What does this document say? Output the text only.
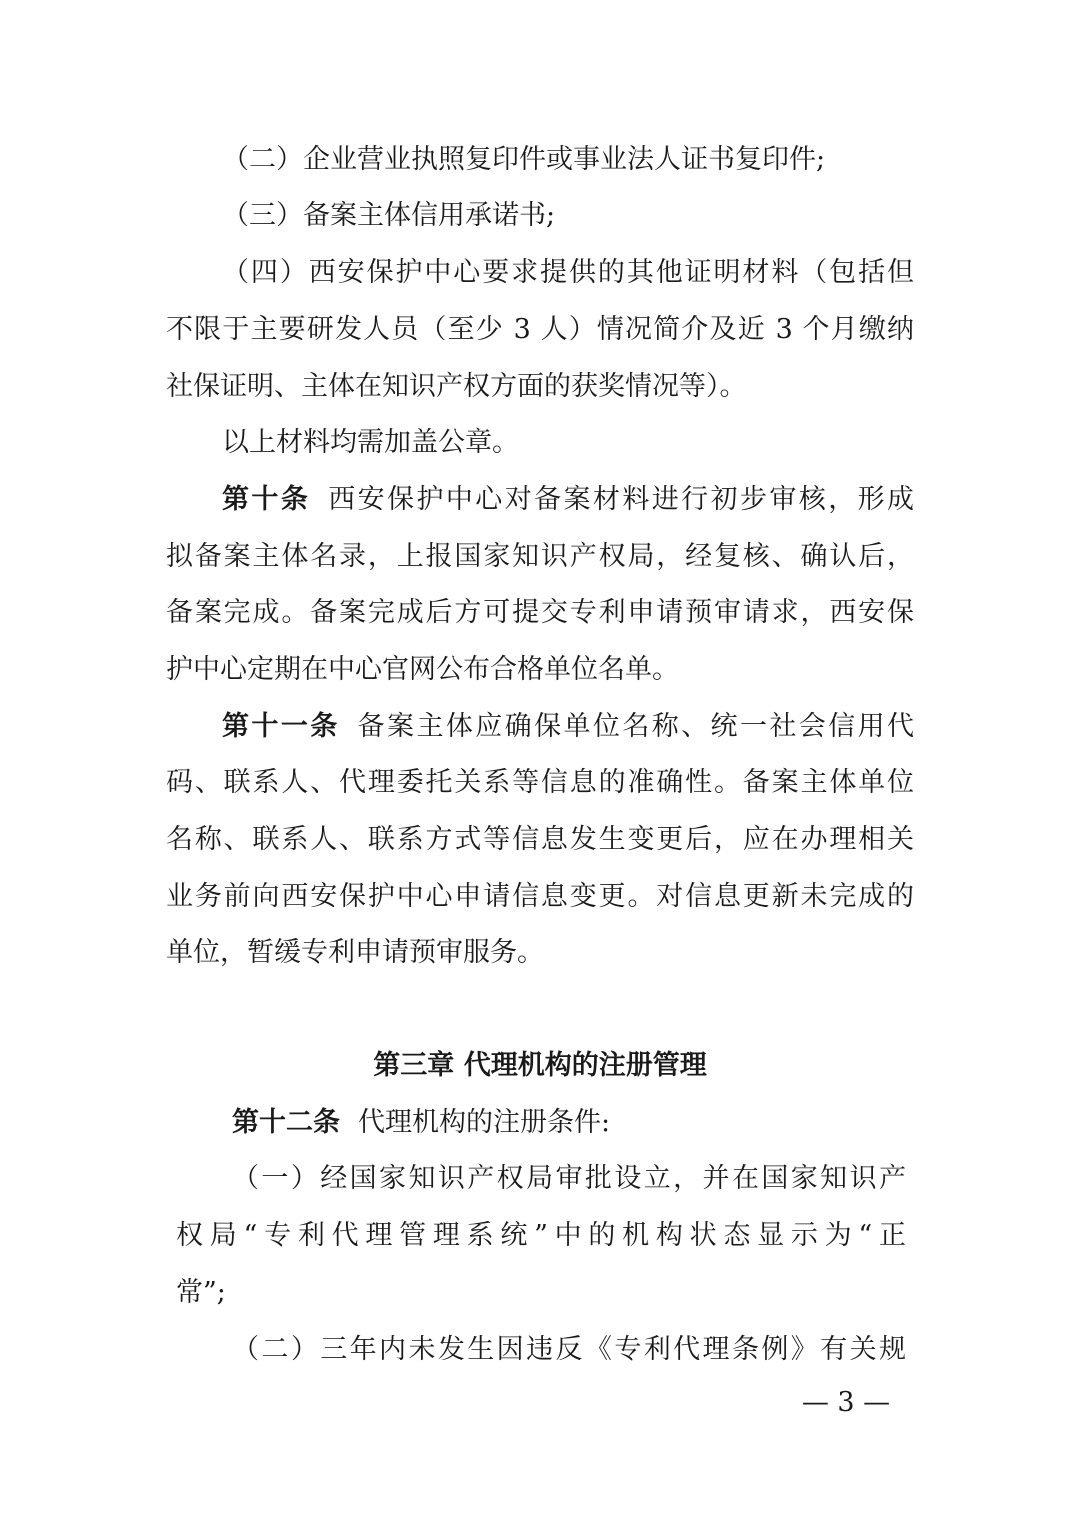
（二）企业营业执照复印件或事业法人证书复印件;
（三）备案主体信用承诺书;
（四）西安保护中心要求提供的其他证明材料（包括但
不限于主要研发人员（至少 3 人）情况简介及近 3 个月缴纳
社保证明、主体在知识产权方面的获奖情况等）。
以上材料均需加盖公章。
第十条 西安保护中心对备案材料进行初步审核，形成
拟备案主体名录，上报国家知识产权局，经复核、确认后，
备案完成。备案完成后方可提交专利申请预审请求，西安保
护中心定期在中心官网公布合格单位名单。
第十一条 备案主体应确保单位名称、统一社会信用代
码、联系人、代理委托关系等信息的准确性。备案主体单位
名称、联系人、联系方式等信息发生变更后，应在办理相关
业务前向西安保护中心申请信息变更。对信息更新未完成的
单位，暂缓专利申请预审服务。
第三章 代理机构的注册管理
第十二条 代理机构的注册条件:
（一）经国家知识产权局审批设立，并在国家知识产
权局“专利代理管理系统”中的机构状态显示为“正
常”;
（二）三年内未发生因违反《专利代理条例》有关规
— 3 —
